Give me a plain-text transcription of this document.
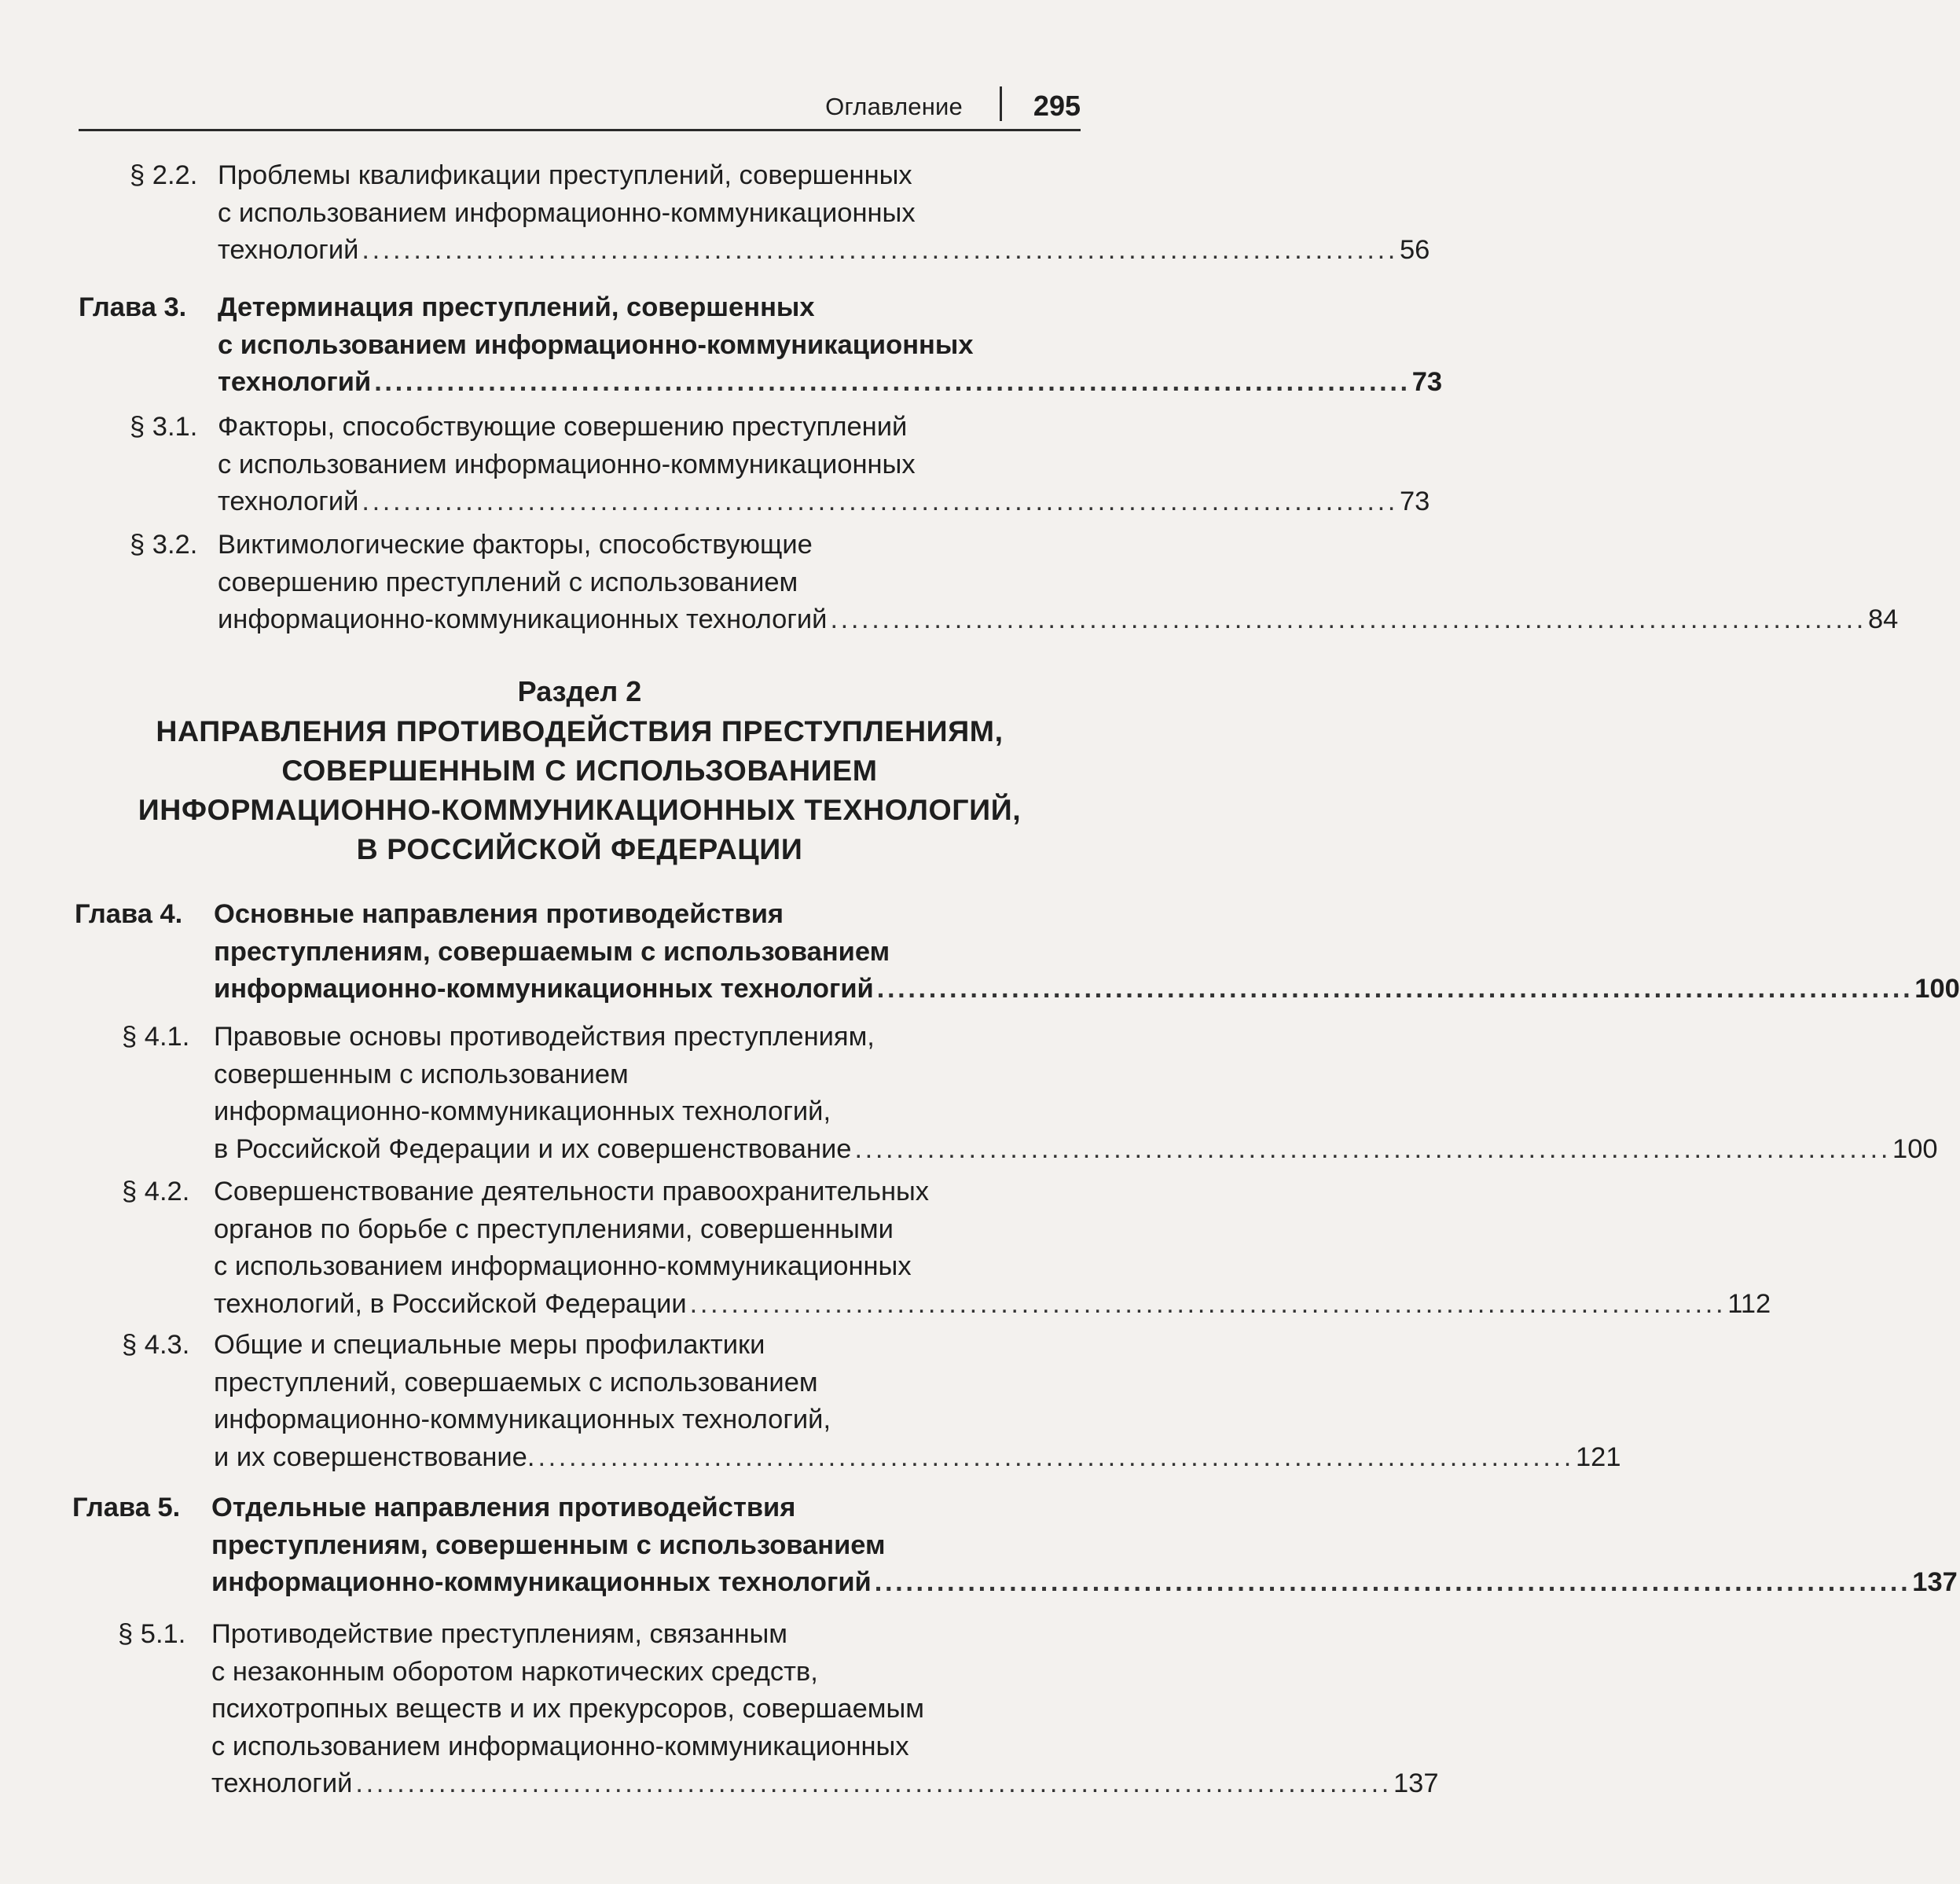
Оглавление 295
§ 2.2. Проблемы квалификации преступлений, совершенных
с использованием информационно-коммуникационных
технологий .................................................................................................... 56
Глава 3. Детерминация преступлений, совершенных
с использованием информационно-коммуникационных
технологий .................................................................................................... 73
§ 3.1. Факторы, способствующие совершению преступлений
с использованием информационно-коммуникационных
технологий .................................................................................................... 73
§ 3.2. Виктимологические факторы, способствующие
совершению преступлений с использованием
информационно-коммуникационных технологий .................................................................................................... 84
Раздел 2
НАПРАВЛЕНИЯ ПРОТИВОДЕЙСТВИЯ ПРЕСТУПЛЕНИЯМ,
СОВЕРШЕННЫМ С ИСПОЛЬЗОВАНИЕМ
ИНФОРМАЦИОННО-КОММУНИКАЦИОННЫХ ТЕХНОЛОГИЙ,
В РОССИЙСКОЙ ФЕДЕРАЦИИ
Глава 4. Основные направления противодействия
преступлениям, совершаемым с использованием
информационно-коммуникационных технологий .................................................................................................... 100
§ 4.1. Правовые основы противодействия преступлениям,
совершенным с использованием
информационно-коммуникационных технологий,
в Российской Федерации и их совершенствование .................................................................................................... 100
§ 4.2. Совершенствование деятельности правоохранительных
органов по борьбе с преступлениями, совершенными
с использованием информационно-коммуникационных
технологий, в Российской Федерации .................................................................................................... 112
§ 4.3. Общие и специальные меры профилактики
преступлений, совершаемых с использованием
информационно-коммуникационных технологий,
и их совершенствование. .................................................................................................... 121
Глава 5. Отдельные направления противодействия
преступлениям, совершенным с использованием
информационно-коммуникационных технологий .................................................................................................... 137
§ 5.1. Противодействие преступлениям, связанным
с незаконным оборотом наркотических средств,
психотропных веществ и их прекурсоров, совершаемым
с использованием информационно-коммуникационных
технологий .................................................................................................... 137
